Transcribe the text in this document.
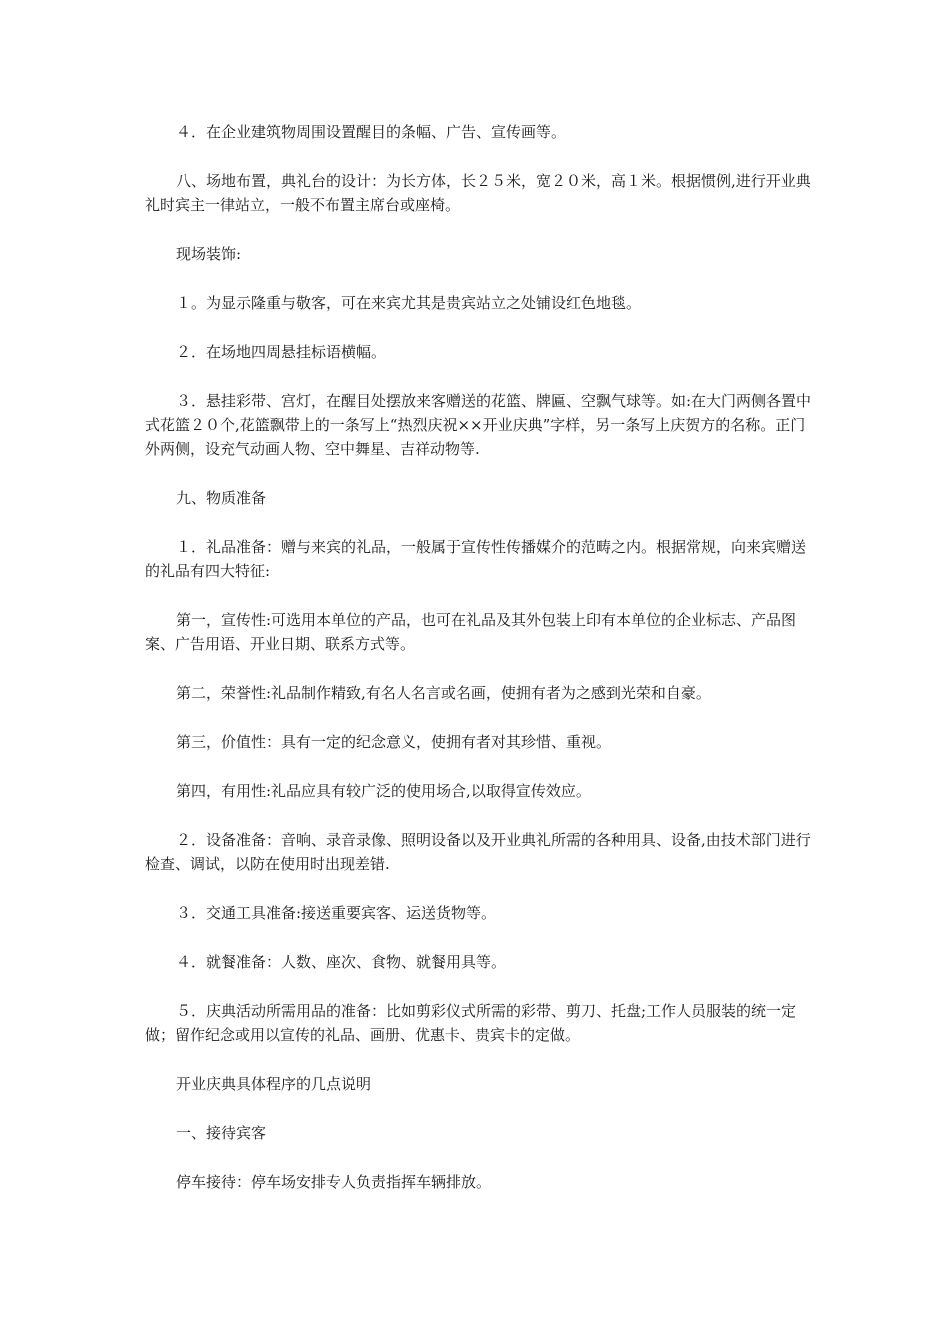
４．在企业建筑物周围设置醒目的条幅、广告、宣传画等。

八、场地布置，典礼台的设计：为长方体，长２５米，宽２０米，高１米。根据惯例,进行开业典礼时宾主一律站立，一般不布置主席台或座椅。

现场装饰:

１。为显示隆重与敬客，可在来宾尤其是贵宾站立之处铺设红色地毯。

２．在场地四周悬挂标语横幅。

３．悬挂彩带、宫灯，在醒目处摆放来客赠送的花篮、牌匾、空飘气球等。如:在大门两侧各置中式花篮２０个,花篮飘带上的一条写上“热烈庆祝××开业庆典”字样，另一条写上庆贺方的名称。正门外两侧，设充气动画人物、空中舞星、吉祥动物等.

九、物质准备

１．礼品准备：赠与来宾的礼品，一般属于宣传性传播媒介的范畴之内。根据常规，向来宾赠送的礼品有四大特征:

第一，宣传性:可选用本单位的产品，也可在礼品及其外包装上印有本单位的企业标志、产品图案、广告用语、开业日期、联系方式等。

第二，荣誉性:礼品制作精致,有名人名言或名画，使拥有者为之感到光荣和自豪。

第三，价值性：具有一定的纪念意义，使拥有者对其珍惜、重视。

第四，有用性:礼品应具有较广泛的使用场合,以取得宣传效应。

２．设备准备：音响、录音录像、照明设备以及开业典礼所需的各种用具、设备,由技术部门进行检查、调试，以防在使用时出现差错.

３．交通工具准备:接送重要宾客、运送货物等。

４．就餐准备：人数、座次、食物、就餐用具等。

５．庆典活动所需用品的准备：比如剪彩仪式所需的彩带、剪刀、托盘;工作人员服装的统一定做；留作纪念或用以宣传的礼品、画册、优惠卡、贵宾卡的定做。

开业庆典具体程序的几点说明

一、接待宾客

停车接待：停车场安排专人负责指挥车辆排放。
